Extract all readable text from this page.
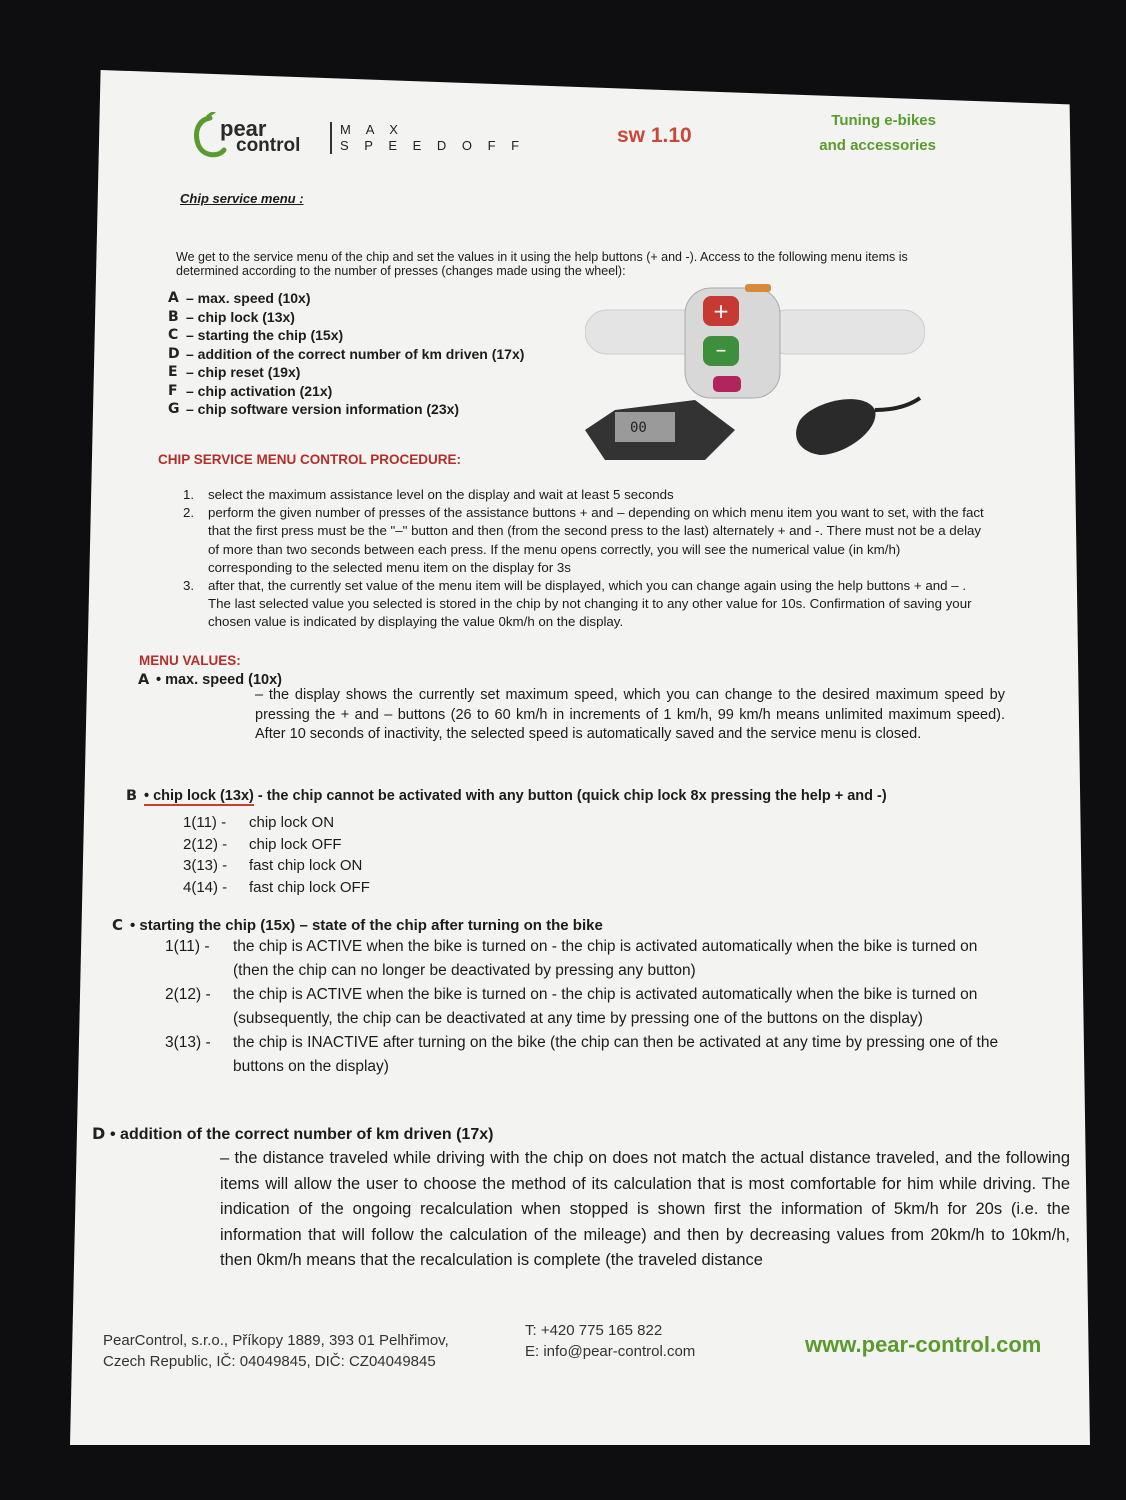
pear
control
M A X
S P E E D O F F	sw 1.10
Tuning e-bikes
and accessories
Chip service menu :
We get to the service menu of the chip and set the values in it using the help buttons (+ and -). Access to the following menu items is determined according to the number of presses (changes made using the wheel):
A – max. speed (10x)
B – chip lock (13x)
C – starting the chip (15x)
D – addition of the correct number of km driven (17x)
E – chip reset (19x)
F – chip activation (21x)
G – chip software version information (23x)
+
–
00
CHIP SERVICE MENU CONTROL PROCEDURE:
1.	select the maximum assistance level on the display and wait at least 5 seconds
2.	perform the given number of presses of the assistance buttons + and – depending on which menu item you want to set, with the fact that the first press must be the "–" button and then (from the second press to the last) alternately + and -. There must not be a delay of more than two seconds between each press. If the menu opens correctly, you will see the numerical value (in km/h) corresponding to the selected menu item on the display for 3s
3.	after that, the currently set value of the menu item will be displayed, which you can change again using the help buttons + and – . The last selected value you selected is stored in the chip by not changing it to any other value for 10s. Confirmation of saving your chosen value is indicated by displaying the value 0km/h on the display.
MENU VALUES:
A • max. speed (10x)
– the display shows the currently set maximum speed, which you can change to the desired maximum speed by pressing the + and – buttons (26 to 60 km/h in increments of 1 km/h, 99 km/h means unlimited maximum speed). After 10 seconds of inactivity, the selected speed is automatically saved and the service menu is closed.
B • chip lock (13x) - the chip cannot be activated with any button (quick chip lock 8x pressing the help + and -)
1(11) -	chip lock ON
2(12) -	chip lock OFF
3(13) -	fast chip lock ON
4(14) -	fast chip lock OFF
C • starting the chip (15x) – state of the chip after turning on the bike
1(11) -	the chip is ACTIVE when the bike is turned on - the chip is activated automatically when the bike is turned on (then the chip can no longer be deactivated by pressing any button)
2(12) -	the chip is ACTIVE when the bike is turned on - the chip is activated automatically when the bike is turned on (subsequently, the chip can be deactivated at any time by pressing one of the buttons on the display)
3(13) -	the chip is INACTIVE after turning on the bike (the chip can then be activated at any time by pressing one of the buttons on the display)
D • addition of the correct number of km driven (17x)
– the distance traveled while driving with the chip on does not match the actual distance traveled, and the following items will allow the user to choose the method of its calculation that is most comfortable for him while driving. The indication of the ongoing recalculation when stopped is shown first the information of 5km/h for 20s (i.e. the information that will follow the calculation of the mileage) and then by decreasing values from 20km/h to 10km/h, then 0km/h means that the recalculation is complete (the traveled distance
PearControl, s.r.o., Příkopy 1889, 393 01 Pelhřimov,
Czech Republic, IČ: 04049845, DIČ: CZ04049845
T: +420 775 165 822
E: info@pear-control.com	www.pear-control.com
